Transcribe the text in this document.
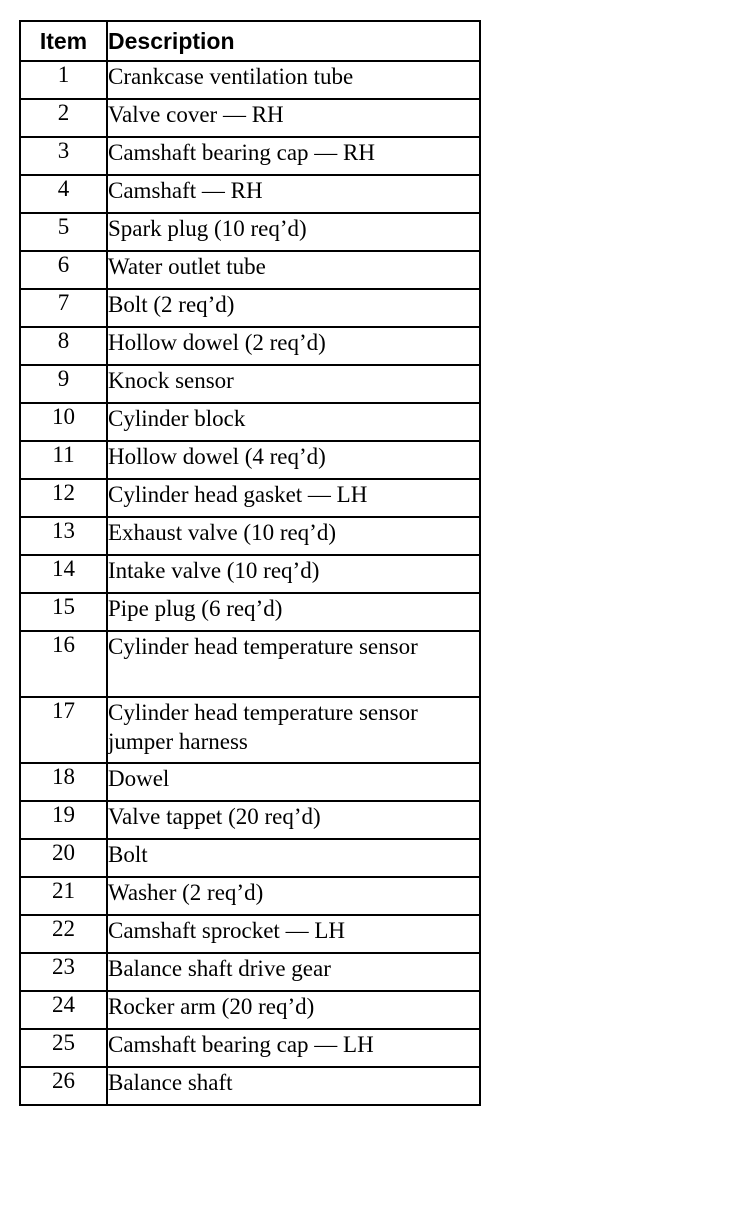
Item	Description
1	Crankcase ventilation tube
2	Valve cover — RH
3	Camshaft bearing cap — RH
4	Camshaft — RH
5	Spark plug (10 req’d)
6	Water outlet tube
7	Bolt (2 req’d)
8	Hollow dowel (2 req’d)
9	Knock sensor
10	Cylinder block
11	Hollow dowel (4 req’d)
12	Cylinder head gasket — LH
13	Exhaust valve (10 req’d)
14	Intake valve (10 req’d)
15	Pipe plug (6 req’d)
16	Cylinder head temperature sensor
17	Cylinder head temperature sensor jumper harness
18	Dowel
19	Valve tappet (20 req’d)
20	Bolt
21	Washer (2 req’d)
22	Camshaft sprocket — LH
23	Balance shaft drive gear
24	Rocker arm (20 req’d)
25	Camshaft bearing cap — LH
26	Balance shaft
